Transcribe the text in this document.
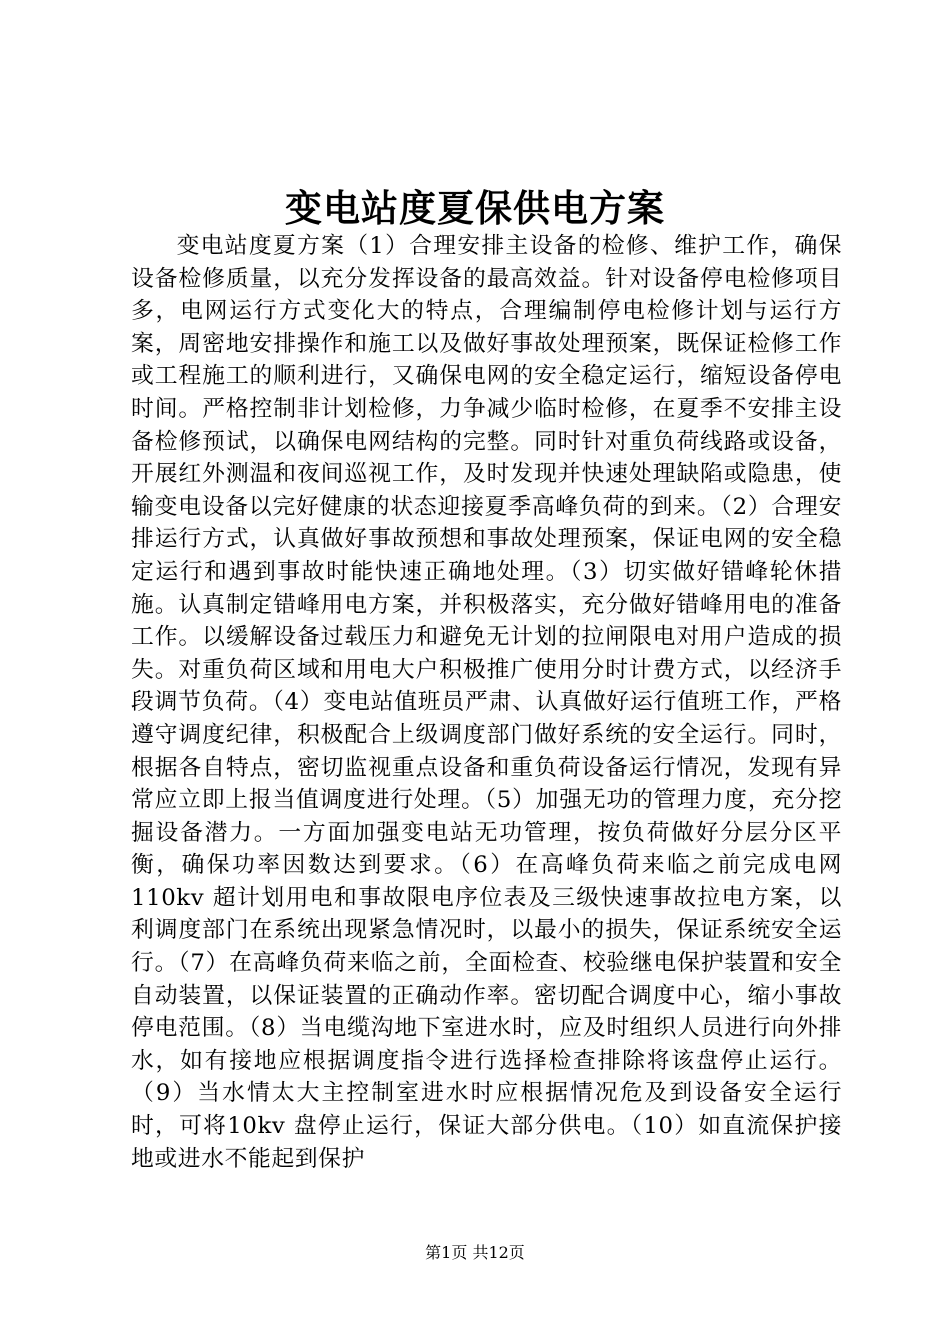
变电站度夏保供电方案

变电站度夏方案（1）合理安排主设备的检修、维护工作，确保设备检修质量，以充分发挥设备的最高效益。针对设备停电检修项目多，电网运行方式变化大的特点，合理编制停电检修计划与运行方案，周密地安排操作和施工以及做好事故处理预案，既保证检修工作或工程施工的顺利进行，又确保电网的安全稳定运行，缩短设备停电时间。严格控制非计划检修，力争减少临时检修，在夏季不安排主设备检修预试，以确保电网结构的完整。同时针对重负荷线路或设备，开展红外测温和夜间巡视工作，及时发现并快速处理缺陷或隐患，使输变电设备以完好健康的状态迎接夏季高峰负荷的到来。（2）合理安排运行方式，认真做好事故预想和事故处理预案，保证电网的安全稳定运行和遇到事故时能快速正确地处理。（3）切实做好错峰轮休措施。认真制定错峰用电方案，并积极落实，充分做好错峰用电的准备工作。以缓解设备过载压力和避免无计划的拉闸限电对用户造成的损失。对重负荷区域和用电大户积极推广使用分时计费方式，以经济手段调节负荷。（4）变电站值班员严肃、认真做好运行值班工作，严格遵守调度纪律，积极配合上级调度部门做好系统的安全运行。同时，根据各自特点，密切监视重点设备和重负荷设备运行情况，发现有异常应立即上报当值调度进行处理。（5）加强无功的管理力度，充分挖掘设备潜力。一方面加强变电站无功管理，按负荷做好分层分区平衡，确保功率因数达到要求。（6）在高峰负荷来临之前完成电网110kv 超计划用电和事故限电序位表及三级快速事故拉电方案，以利调度部门在系统出现紧急情况时，以最小的损失，保证系统安全运行。（7）在高峰负荷来临之前，全面检查、校验继电保护装置和安全自动装置，以保证装置的正确动作率。密切配合调度中心，缩小事故停电范围。（8）当电缆沟地下室进水时，应及时组织人员进行向外排水，如有接地应根据调度指令进行选择检查排除将该盘停止运行。（9）当水情太大主控制室进水时应根据情况危及到设备安全运行时，可将10kv 盘停止运行，保证大部分供电。（10）如直流保护接地或进水不能起到保护

第1页 共12页
